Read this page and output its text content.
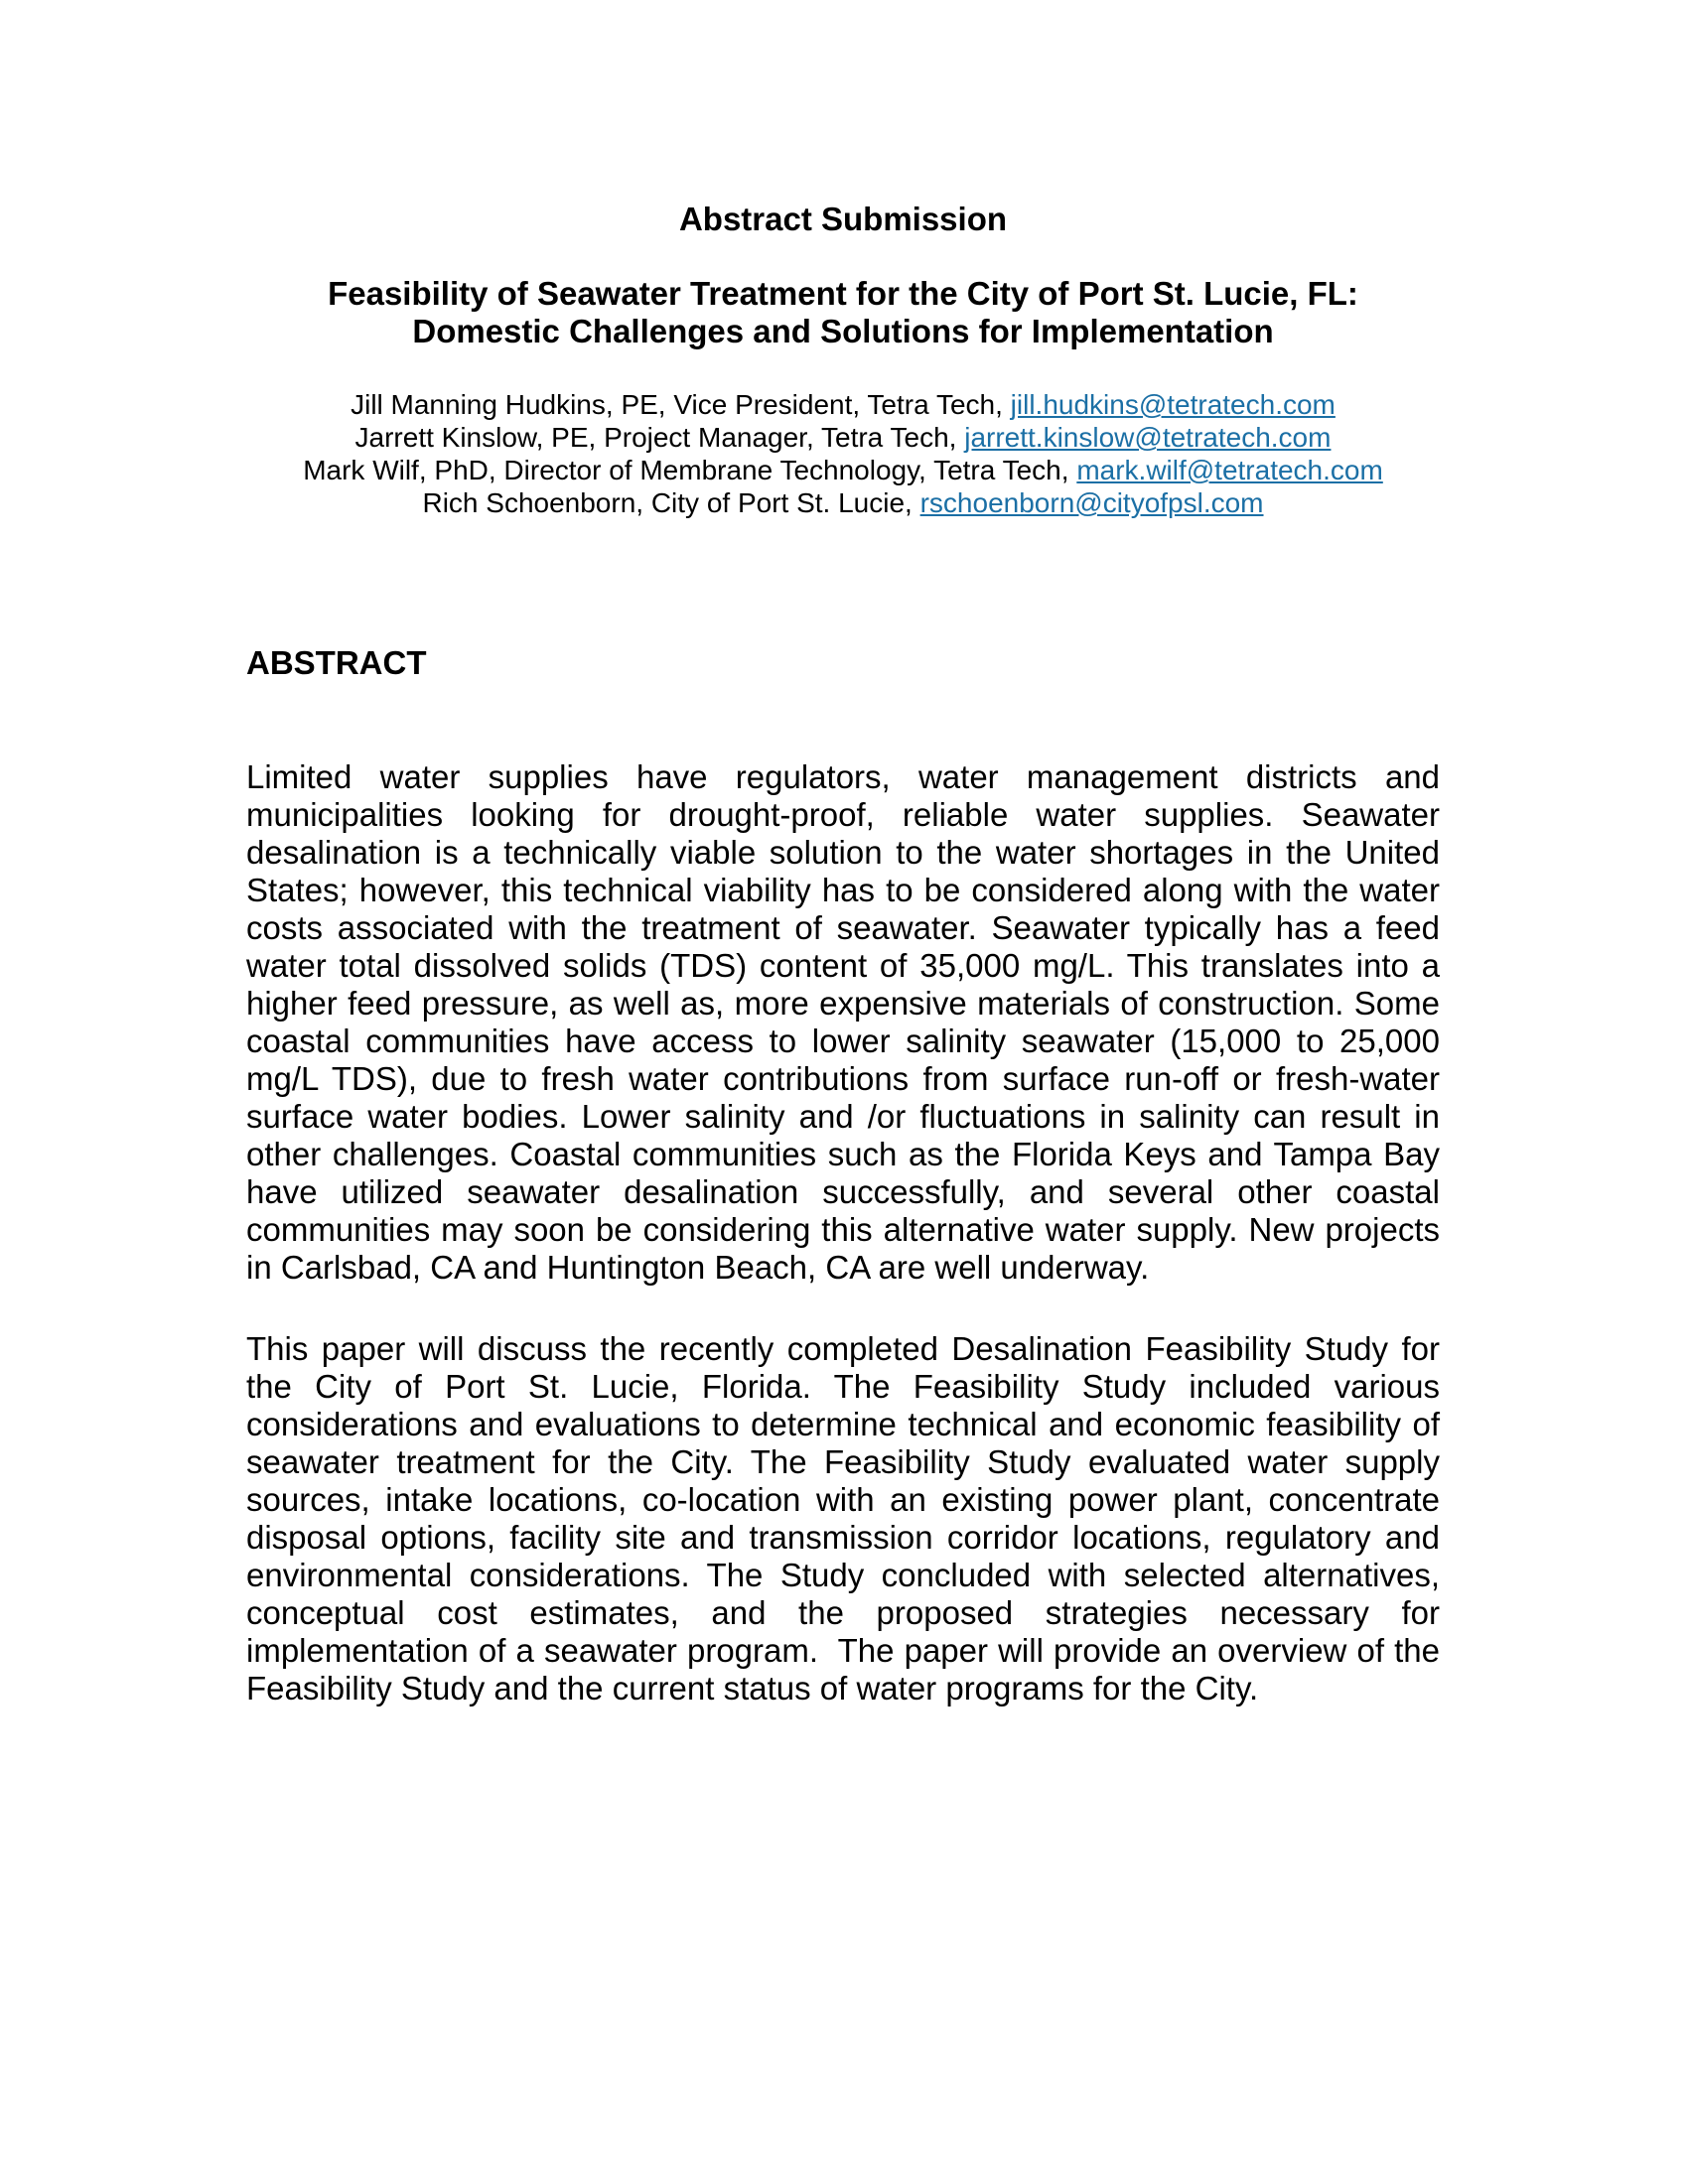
Abstract Submission
Feasibility of Seawater Treatment for the City of Port St. Lucie, FL:
Domestic Challenges and Solutions for Implementation
Jill Manning Hudkins, PE, Vice President, Tetra Tech, jill.hudkins@tetratech.com
Jarrett Kinslow, PE, Project Manager, Tetra Tech, jarrett.kinslow@tetratech.com
Mark Wilf, PhD, Director of Membrane Technology, Tetra Tech, mark.wilf@tetratech.com
Rich Schoenborn, City of Port St. Lucie, rschoenborn@cityofpsl.com
ABSTRACT

Limited water supplies have regulators, water management districts and municipalities looking for drought-proof, reliable water supplies. Seawater desalination is a technically viable solution to the water shortages in the United States; however, this technical viability has to be considered along with the water costs associated with the treatment of seawater. Seawater typically has a feed water total dissolved solids (TDS) content of 35,000 mg/L. This translates into a higher feed pressure, as well as, more expensive materials of construction. Some coastal communities have access to lower salinity seawater (15,000 to 25,000 mg/L TDS), due to fresh water contributions from surface run-off or fresh-water surface water bodies. Lower salinity and /or fluctuations in salinity can result in other challenges. Coastal communities such as the Florida Keys and Tampa Bay have utilized seawater desalination successfully, and several other coastal communities may soon be considering this alternative water supply. New projects in Carlsbad, CA and Huntington Beach, CA are well underway.

This paper will discuss the recently completed Desalination Feasibility Study for the City of Port St. Lucie, Florida. The Feasibility Study included various considerations and evaluations to determine technical and economic feasibility of seawater treatment for the City. The Feasibility Study evaluated water supply sources, intake locations, co-location with an existing power plant, concentrate disposal options, facility site and transmission corridor locations, regulatory and environmental considerations. The Study concluded with selected alternatives, conceptual cost estimates, and the proposed strategies necessary for implementation of a seawater program.  The paper will provide an overview of the Feasibility Study and the current status of water programs for the City.
